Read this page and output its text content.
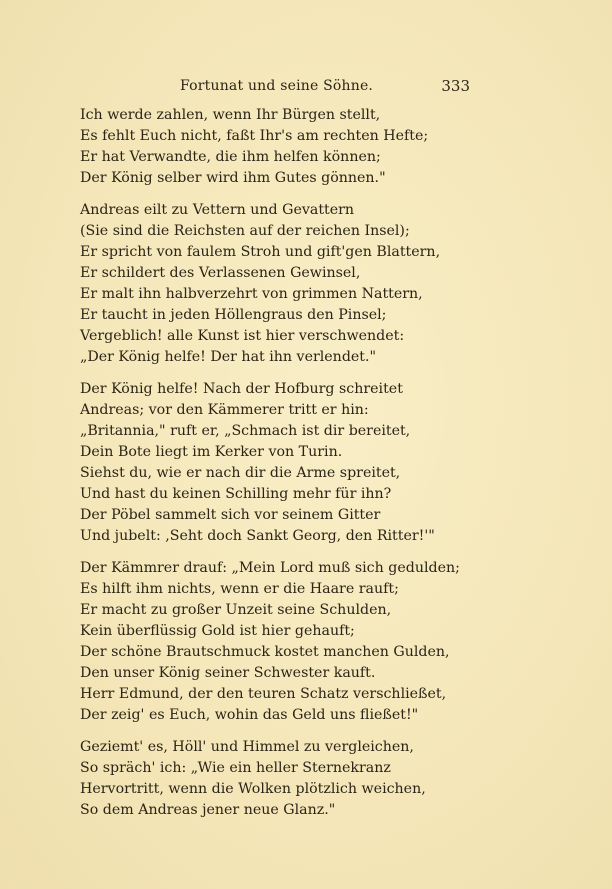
Fortunat und seine Söhne.	333
Ich werde zahlen, wenn Ihr Bürgen stellt,
Es fehlt Euch nicht, faßt Ihr's am rechten Hefte;
Er hat Verwandte, die ihm helfen können;
Der König selber wird ihm Gutes gönnen."
Andreas eilt zu Vettern und Gevattern
(Sie sind die Reichsten auf der reichen Insel);
Er spricht von faulem Stroh und gift'gen Blattern,
Er schildert des Verlassenen Gewinsel,
Er malt ihn halbverzehrt von grimmen Nattern,
Er taucht in jeden Höllengraus den Pinsel;
Vergeblich! alle Kunst ist hier verschwendet:
„Der König helfe! Der hat ihn verlendet."
Der König helfe! Nach der Hofburg schreitet
Andreas; vor den Kämmerer tritt er hin:
„Britannia," ruft er, „Schmach ist dir bereitet,
Dein Bote liegt im Kerker von Turin.
Siehst du, wie er nach dir die Arme spreitet,
Und hast du keinen Schilling mehr für ihn?
Der Pöbel sammelt sich vor seinem Gitter
Und jubelt: ,Seht doch Sankt Georg, den Ritter!'"
Der Kämmrer drauf: „Mein Lord muß sich gedulden;
Es hilft ihm nichts, wenn er die Haare rauft;
Er macht zu großer Unzeit seine Schulden,
Kein überflüssig Gold ist hier gehauft;
Der schöne Brautschmuck kostet manchen Gulden,
Den unser König seiner Schwester kauft.
Herr Edmund, der den teuren Schatz verschließet,
Der zeig' es Euch, wohin das Geld uns fließet!"
Geziemt' es, Höll' und Himmel zu vergleichen,
So spräch' ich: „Wie ein heller Sternekranz
Hervortritt, wenn die Wolken plötzlich weichen,
So dem Andreas jener neue Glanz."
